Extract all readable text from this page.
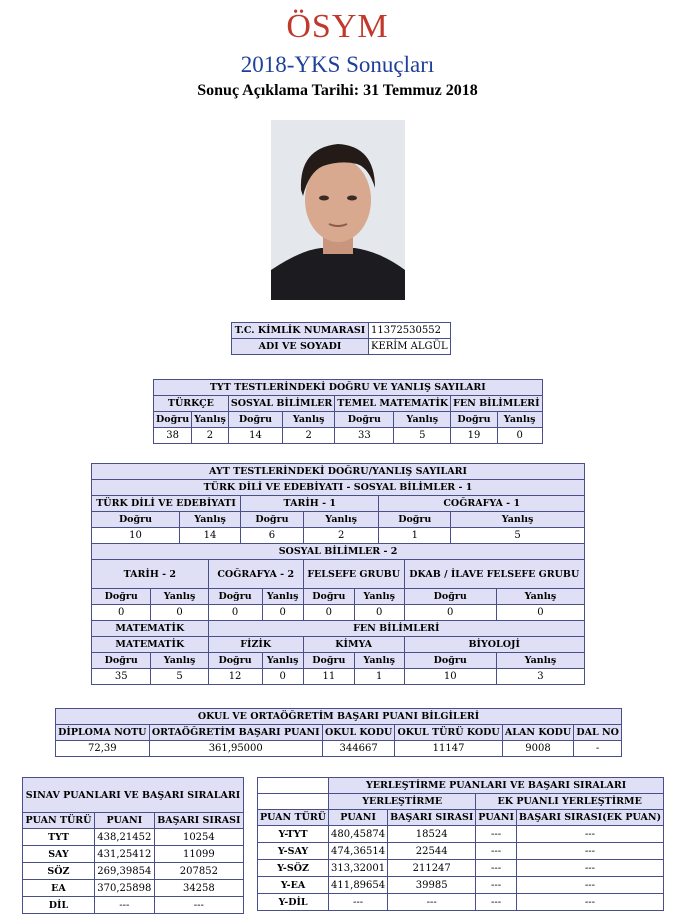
ÖSYM
2018-YKS Sonuçları
Sonuç Açıklama Tarihi: 31 Temmuz 2018
T.C. KİMLİK NUMARASI	11372530552
ADI VE SOYADI	KERİM ALGÜL
TYT TESTLERİNDEKİ DOĞRU VE YANLIŞ SAYILARI							
TÜRKÇE		SOSYAL BİLİMLER		TEMEL MATEMATİK		FEN BİLİMLERİ	
Doğru	Yanlış	Doğru	Yanlış	Doğru	Yanlış	Doğru	Yanlış
38	2	14	2	33	5	19	0
AYT TESTLERİNDEKİ DOĞRU/YANLIŞ SAYILARI											
TÜRK DİLİ VE EDEBİYATI - SOSYAL BİLİMLER - 1											
TÜRK DİLİ VE EDEBİYATI				TARİH - 1				COĞRAFYA - 1			
Doğru		Yanlış		Doğru		Yanlış		Doğru		Yanlış	
10		14		6		2		1		5	
SOSYAL BİLİMLER - 2											
TARİH - 2			COĞRAFYA - 2			FELSEFE GRUBU			DKAB / İLAVE FELSEFE GRUBU		
Doğru	Yanlış		Doğru		Yanlış	Doğru	Yanlış		Doğru		Yanlış
0	0		0		0	0	0		0		0
MATEMATİK			FEN BİLİMLERİ								
MATEMATİK			FİZİK			KİMYA			BİYOLOJİ		
Doğru	Yanlış		Doğru		Yanlış	Doğru	Yanlış		Doğru		Yanlış
35	5		12		0	11	1		10		3
OKUL VE ORTAÖĞRETİM BAŞARI PUANI BİLGİLERİ					
DİPLOMA NOTU	ORTAÖĞRETİM BAŞARI PUANI	OKUL KODU	OKUL TÜRÜ KODU	ALAN KODU	DAL NO
72,39	361,95000	344667	11147	9008	-
SINAV PUANLARI VE BAŞARI SIRALARI		
PUAN TÜRÜ	PUANI	BAŞARI SIRASI
TYT	438,21452	10254
SAY	431,25412	11099
SÖZ	269,39854	207852
EA	370,25898	34258
DİL	---	---
	YERLEŞTİRME PUANLARI VE BAŞARI SIRALARI			
	YERLEŞTİRME		EK PUANLI YERLEŞTİRME	
PUAN TÜRÜ	PUANI	BAŞARI SIRASI	PUANI	BAŞARI SIRASI(EK PUAN)
Y-TYT	480,45874	18524	---	---
Y-SAY	474,36514	22544	---	---
Y-SÖZ	313,32001	211247	---	---
Y-EA	411,89654	39985	---	---
Y-DİL	---	---	---	---
